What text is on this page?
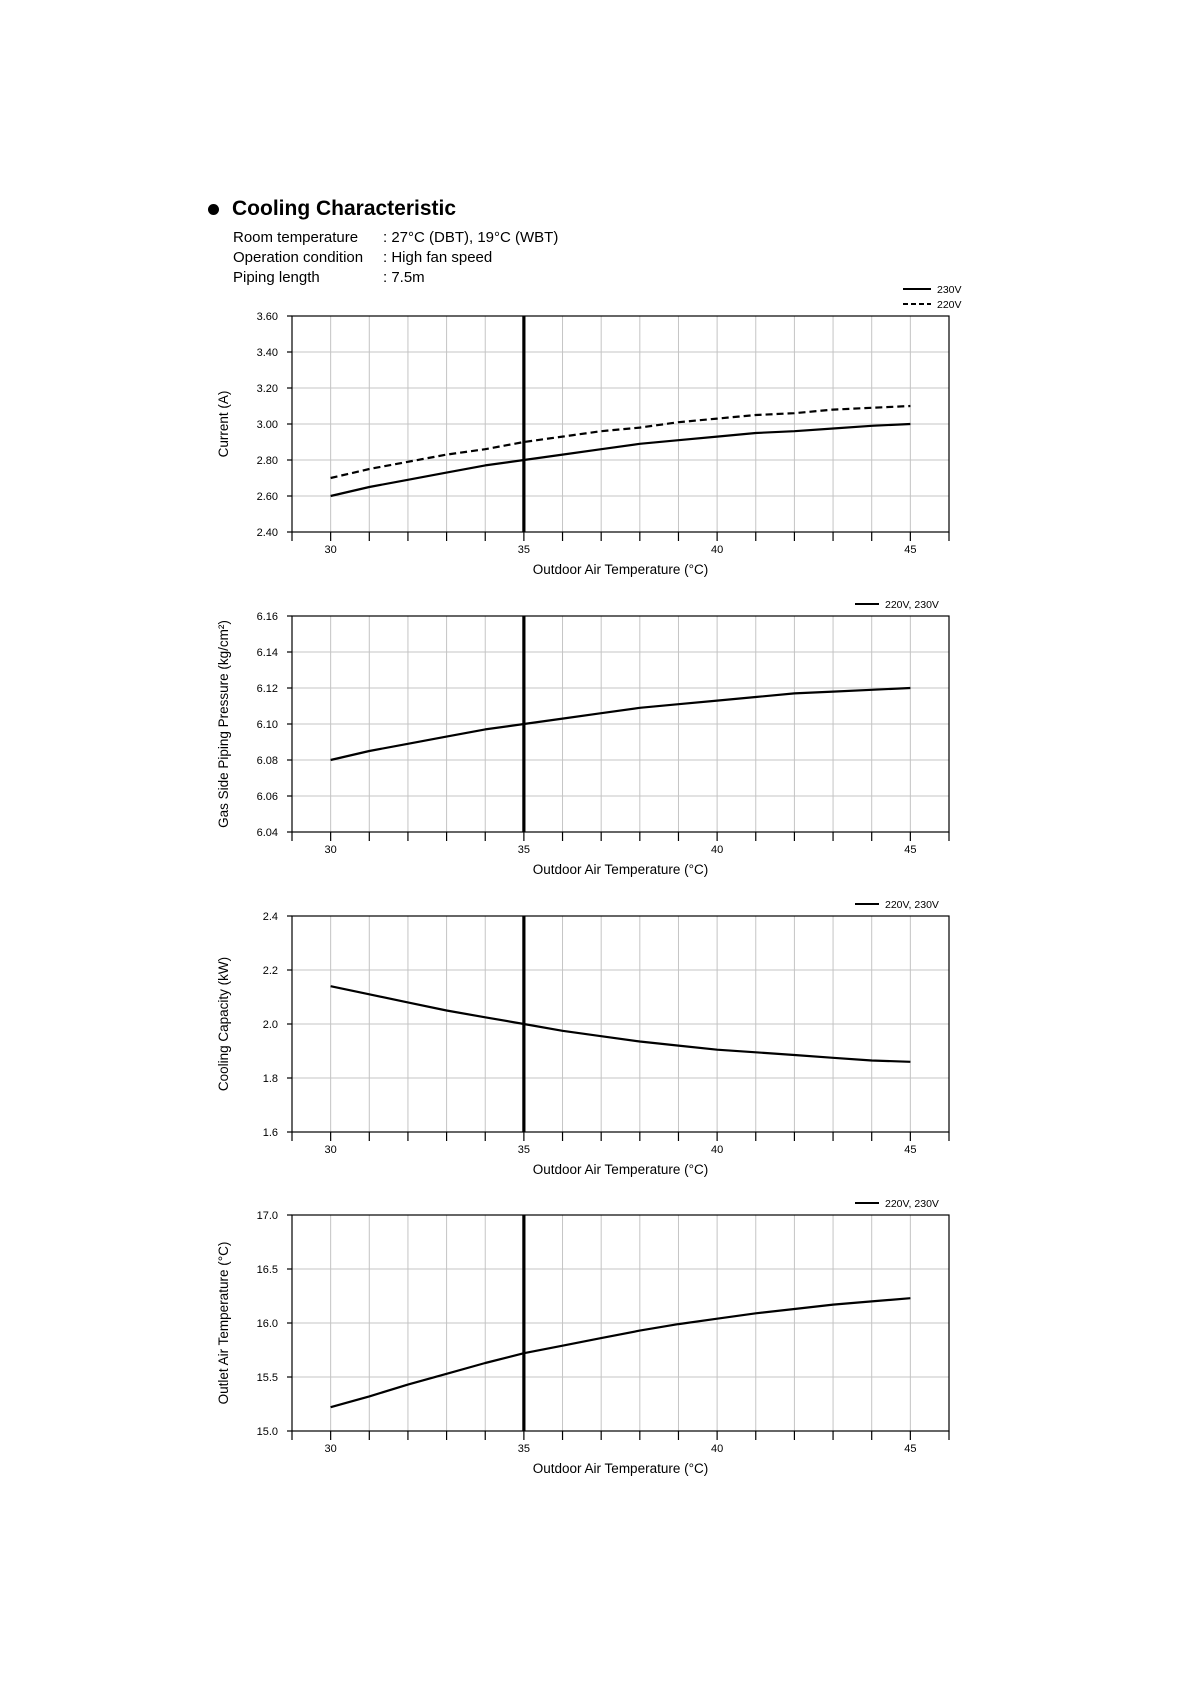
Cooling Characteristic
Room temperature	: 27°C (DBT), 19°C (WBT)
Operation condition	: High fan speed
Piping length	: 7.5m
2.40
2.60
2.80
3.00
3.20
3.40
3.60
30	35	40	45
Outdoor Air Temperature (°C)
Current (A)
230V
220V
6.04
6.06
6.08
6.10
6.12
6.14
6.16
30	35	40	45
Outdoor Air Temperature (°C)
Gas Side Piping Pressure (kg/cm²)
220V, 230V
1.6
1.8
2.0
2.2
2.4
30	35	40	45
Outdoor Air Temperature (°C)
Cooling Capacity (kW)
220V, 230V
15.0
15.5
16.0
16.5
17.0
30	35	40	45
Outdoor Air Temperature (°C)
Outlet Air Temperature (°C)
220V, 230V
